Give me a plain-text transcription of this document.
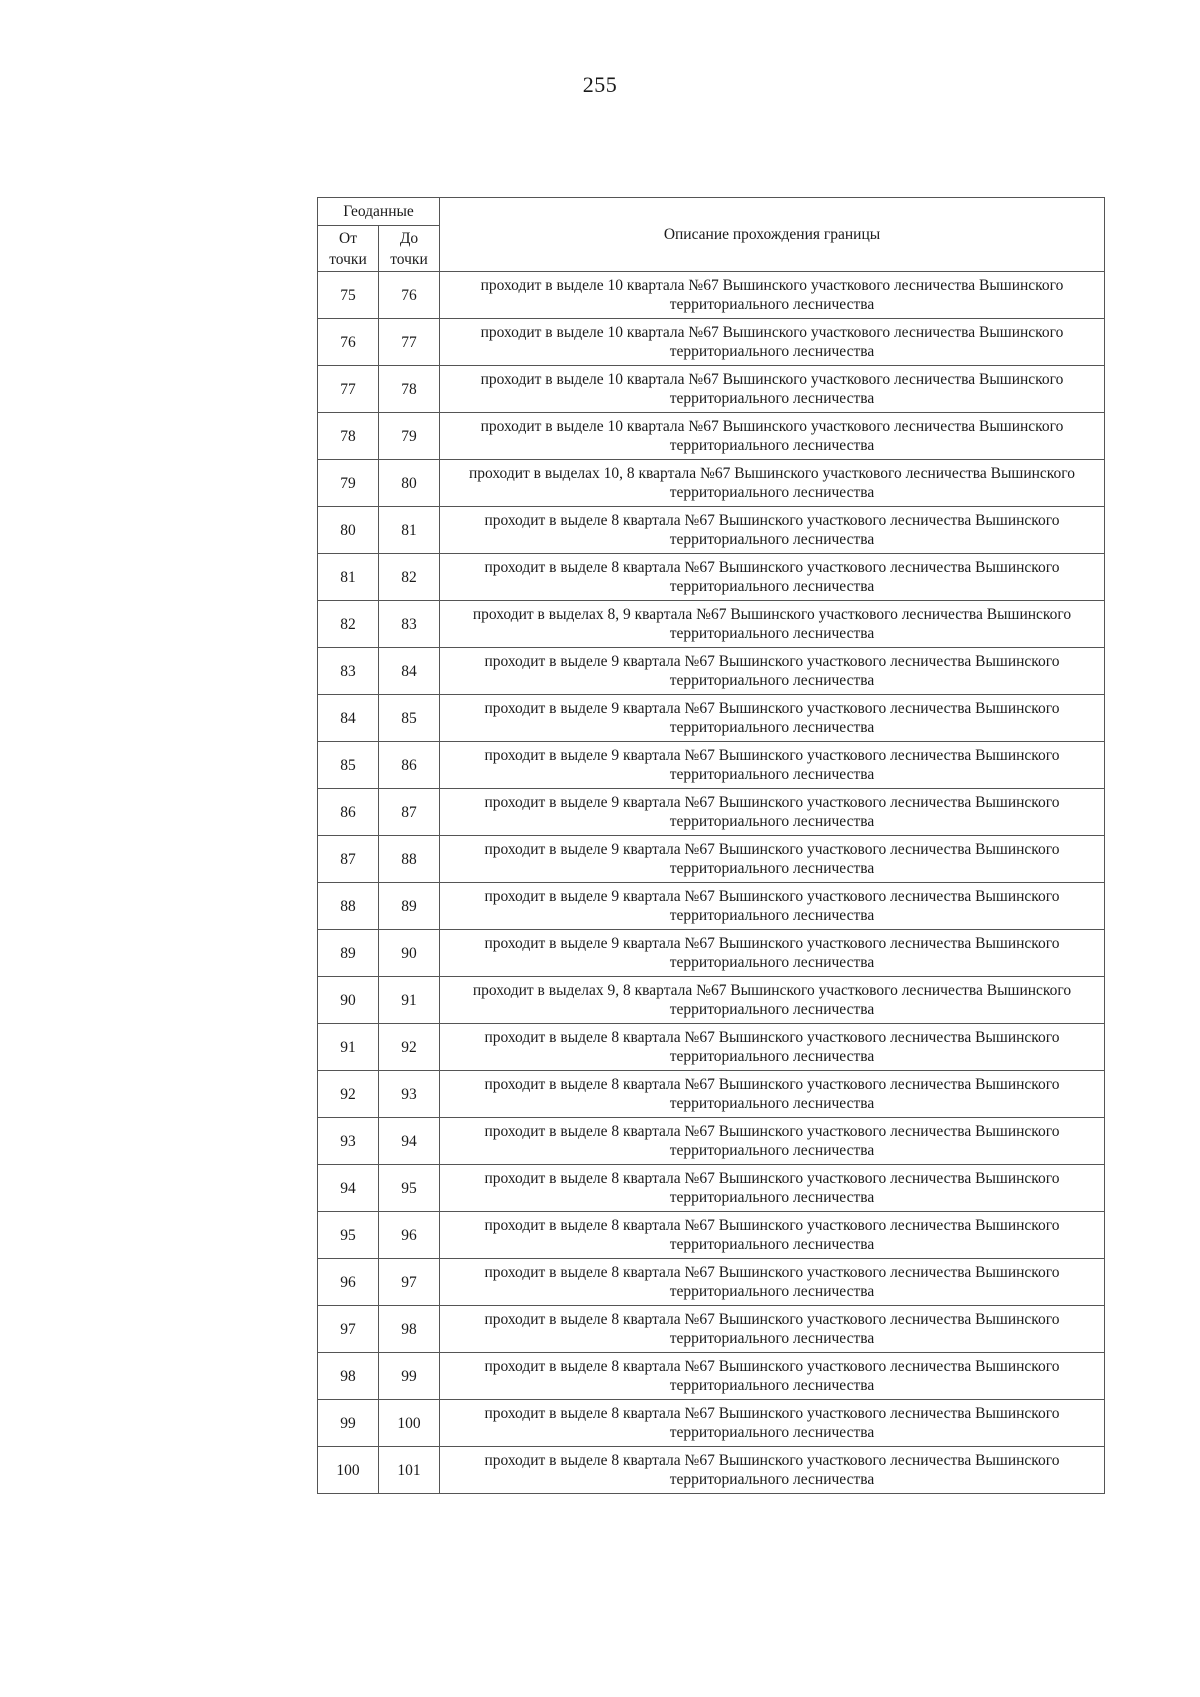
255
Геоданные		Описание прохождения границы
От точки	До точки	
75	76	проходит в выделе 10 квартала №67 Вышинского участкового лесничества Вышинского территориального лесничества
76	77	проходит в выделе 10 квартала №67 Вышинского участкового лесничества Вышинского территориального лесничества
77	78	проходит в выделе 10 квартала №67 Вышинского участкового лесничества Вышинского территориального лесничества
78	79	проходит в выделе 10 квартала №67 Вышинского участкового лесничества Вышинского территориального лесничества
79	80	проходит в выделах 10, 8 квартала №67 Вышинского участкового лесничества Вышинского территориального лесничества
80	81	проходит в выделе 8 квартала №67 Вышинского участкового лесничества Вышинского территориального лесничества
81	82	проходит в выделе 8 квартала №67 Вышинского участкового лесничества Вышинского территориального лесничества
82	83	проходит в выделах 8, 9 квартала №67 Вышинского участкового лесничества Вышинского территориального лесничества
83	84	проходит в выделе 9 квартала №67 Вышинского участкового лесничества Вышинского территориального лесничества
84	85	проходит в выделе 9 квартала №67 Вышинского участкового лесничества Вышинского территориального лесничества
85	86	проходит в выделе 9 квартала №67 Вышинского участкового лесничества Вышинского территориального лесничества
86	87	проходит в выделе 9 квартала №67 Вышинского участкового лесничества Вышинского территориального лесничества
87	88	проходит в выделе 9 квартала №67 Вышинского участкового лесничества Вышинского территориального лесничества
88	89	проходит в выделе 9 квартала №67 Вышинского участкового лесничества Вышинского территориального лесничества
89	90	проходит в выделе 9 квартала №67 Вышинского участкового лесничества Вышинского территориального лесничества
90	91	проходит в выделах 9, 8 квартала №67 Вышинского участкового лесничества Вышинского территориального лесничества
91	92	проходит в выделе 8 квартала №67 Вышинского участкового лесничества Вышинского территориального лесничества
92	93	проходит в выделе 8 квартала №67 Вышинского участкового лесничества Вышинского территориального лесничества
93	94	проходит в выделе 8 квартала №67 Вышинского участкового лесничества Вышинского территориального лесничества
94	95	проходит в выделе 8 квартала №67 Вышинского участкового лесничества Вышинского территориального лесничества
95	96	проходит в выделе 8 квартала №67 Вышинского участкового лесничества Вышинского территориального лесничества
96	97	проходит в выделе 8 квартала №67 Вышинского участкового лесничества Вышинского территориального лесничества
97	98	проходит в выделе 8 квартала №67 Вышинского участкового лесничества Вышинского территориального лесничества
98	99	проходит в выделе 8 квартала №67 Вышинского участкового лесничества Вышинского территориального лесничества
99	100	проходит в выделе 8 квартала №67 Вышинского участкового лесничества Вышинского территориального лесничества
100	101	проходит в выделе 8 квартала №67 Вышинского участкового лесничества Вышинского территориального лесничества
